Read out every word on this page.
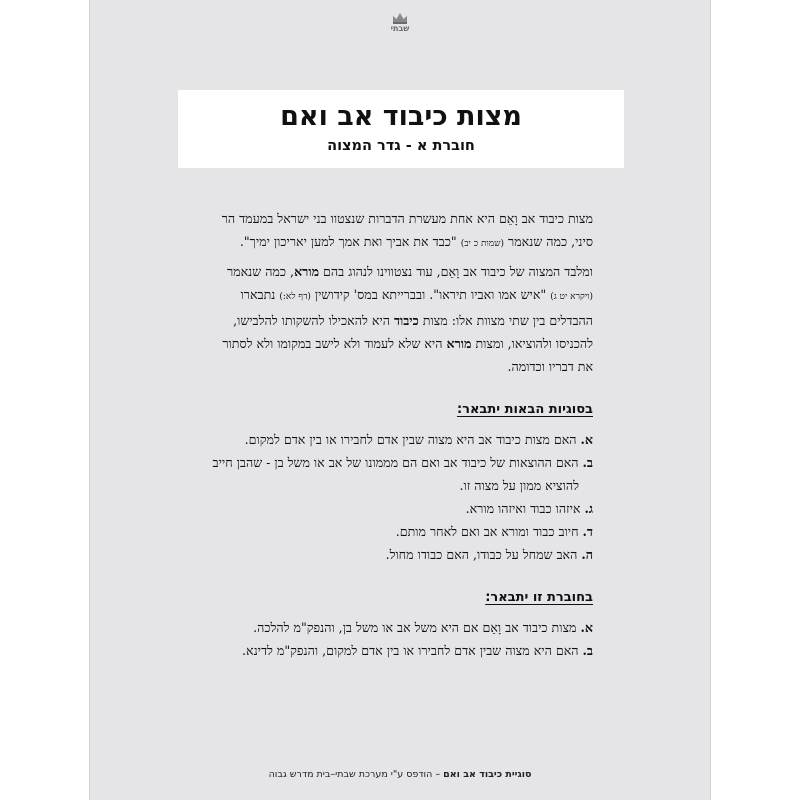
שבתי
מצות כיבוד אב ואם
חוברת א - גדר המצוה

מצות כיבוד אב וָאֵם היא אחת מעשרת הדברות שנצטוו בני ישראל במעמד הר
סיני, כמה שנאמר (שמות כ יב) "כבד את אביך ואת אמך למען יאריכון ימיך".

ומלבד המצוה של כיבוד אב וָאֵם, עוד נצטווינו לנהוג בהם מורא, כמה שנאמר
(ויקרא יט ג) "איש אמו ואביו תיראו". ובברייתא במס' קידושין (דף לא:) נתבארו
ההבדלים בין שתי מצוות אלו: מצות כיבוד היא להאכילו להשקותו להלבישו,
להכניסו ולהוציאו, ומצות מורא היא שלא לעמוד ולא לישב במקומו ולא לסתור
את דבריו וכדומה.

בסוגיות הבאות יתבאר:

א. האם מצות כיבוד אב היא מצוה שבין אדם לחבירו או בין אדם למקום.

ב. האם ההוצאות של כיבוד אב ואם הם מממונו של אב או משל בן - שהבן חייב
להוציא ממון על מצוה זו.

ג. איזהו כבוד ואיזהו מורא.

ד. חיוב כבוד ומורא אב ואם לאחר מותם.

ה. האב שמחל על כבודו, האם כבודו מחול.

בחוברת זו יתבאר:

א. מצות כיבוד אב וָאֵם אם היא משל אב או משל בן, והנפק"מ להלכה.

ב. האם היא מצוה שבין אדם לחבירו או בין אדם למקום, והנפק"מ לדינא.

סוגיית כיבוד אב ואם – הודפס ע"י מערכת שבתי–בית מדרש גבוה
